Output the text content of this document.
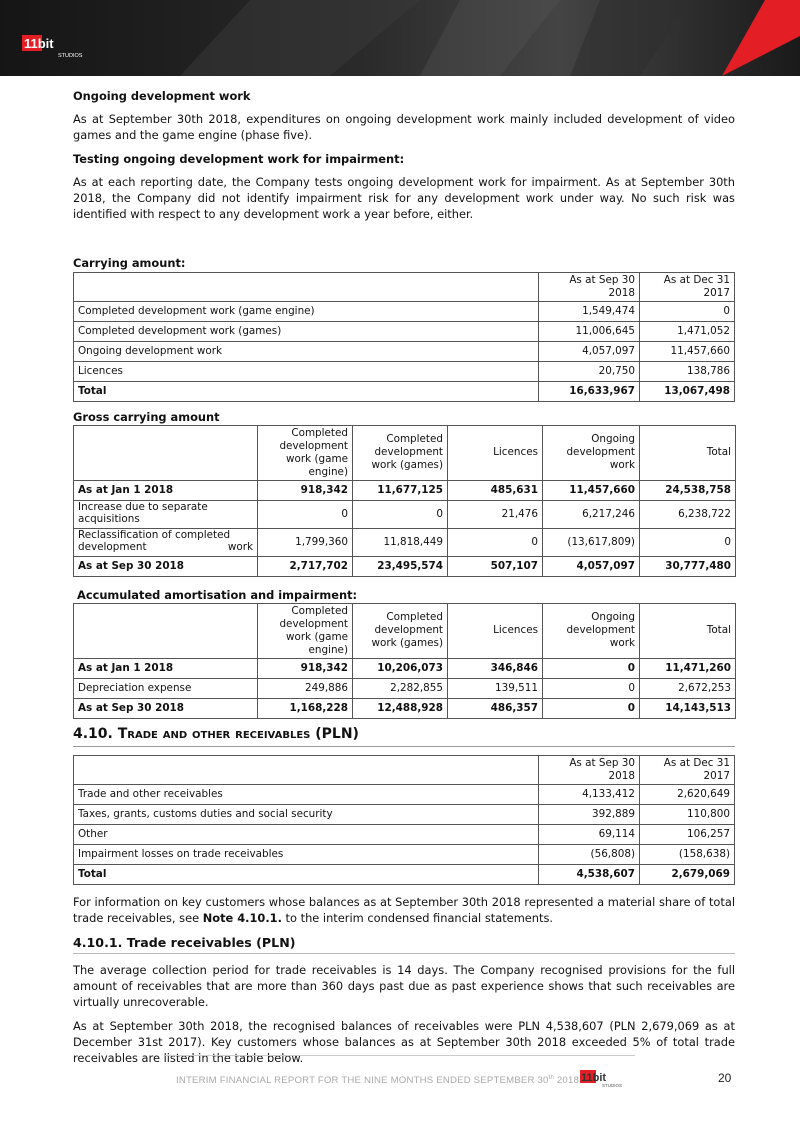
11bit
STUDIOS
Ongoing development work

As at September 30th 2018, expenditures on ongoing development work mainly included development of video games and the game engine (phase five).

Testing ongoing development work for impairment:

As at each reporting date, the Company tests ongoing development work for impairment. As at September 30th 2018, the Company did not identify impairment risk for any development work under way. No such risk was identified with respect to any development work a year before, either.

Carrying amount:
	As at Sep 30 2018	As at Dec 31 2017
Completed development work (game engine)	1,549,474	0
Completed development work (games)	11,006,645	1,471,052
Ongoing development work	4,057,097	11,457,660
Licences	20,750	138,786
Total	16,633,967	13,067,498
Gross carrying amount
	Completed development work (game engine)	Completed development work (games)	Licences	Ongoing development work	Total
As at Jan 1 2018	918,342	11,677,125	485,631	11,457,660	24,538,758
Increase due to separate acquisitions	0	0	21,476	6,217,246	6,238,722
Reclassification of completed development work	1,799,360	11,818,449	0	(13,617,809)	0
As at Sep 30 2018	2,717,702	23,495,574	507,107	4,057,097	30,777,480
Accumulated amortisation and impairment:
	Completed development work (game engine)	Completed development work (games)	Licences	Ongoing development work	Total
As at Jan 1 2018	918,342	10,206,073	346,846	0	11,471,260
Depreciation expense	249,886	2,282,855	139,511	0	2,672,253
As at Sep 30 2018	1,168,228	12,488,928	486,357	0	14,143,513
4.10. Trade and other receivables (PLN)
	As at Sep 30 2018	As at Dec 31 2017
Trade and other receivables	4,133,412	2,620,649
Taxes, grants, customs duties and social security	392,889	110,800
Other	69,114	106,257
Impairment losses on trade receivables	(56,808)	(158,638)
Total	4,538,607	2,679,069

For information on key customers whose balances as at September 30th 2018 represented a material share of total trade receivables, see Note 4.10.1. to the interim condensed financial statements.

4.10.1. Trade receivables (PLN)

The average collection period for trade receivables is 14 days. The Company recognised provisions for the full amount of receivables that are more than 360 days past due as past experience shows that such receivables are virtually unrecoverable.

As at September 30th 2018, the recognised balances of receivables were PLN 4,538,607 (PLN 2,679,069 as at December 31st 2017). Key customers whose balances as at September 30th 2018 exceeded 5% of total trade receivables are listed in the table below.

INTERIM FINANCIAL REPORT FOR THE NINE MONTHS ENDED SEPTEMBER 30th 2018 11bit
STUDIOS
20
